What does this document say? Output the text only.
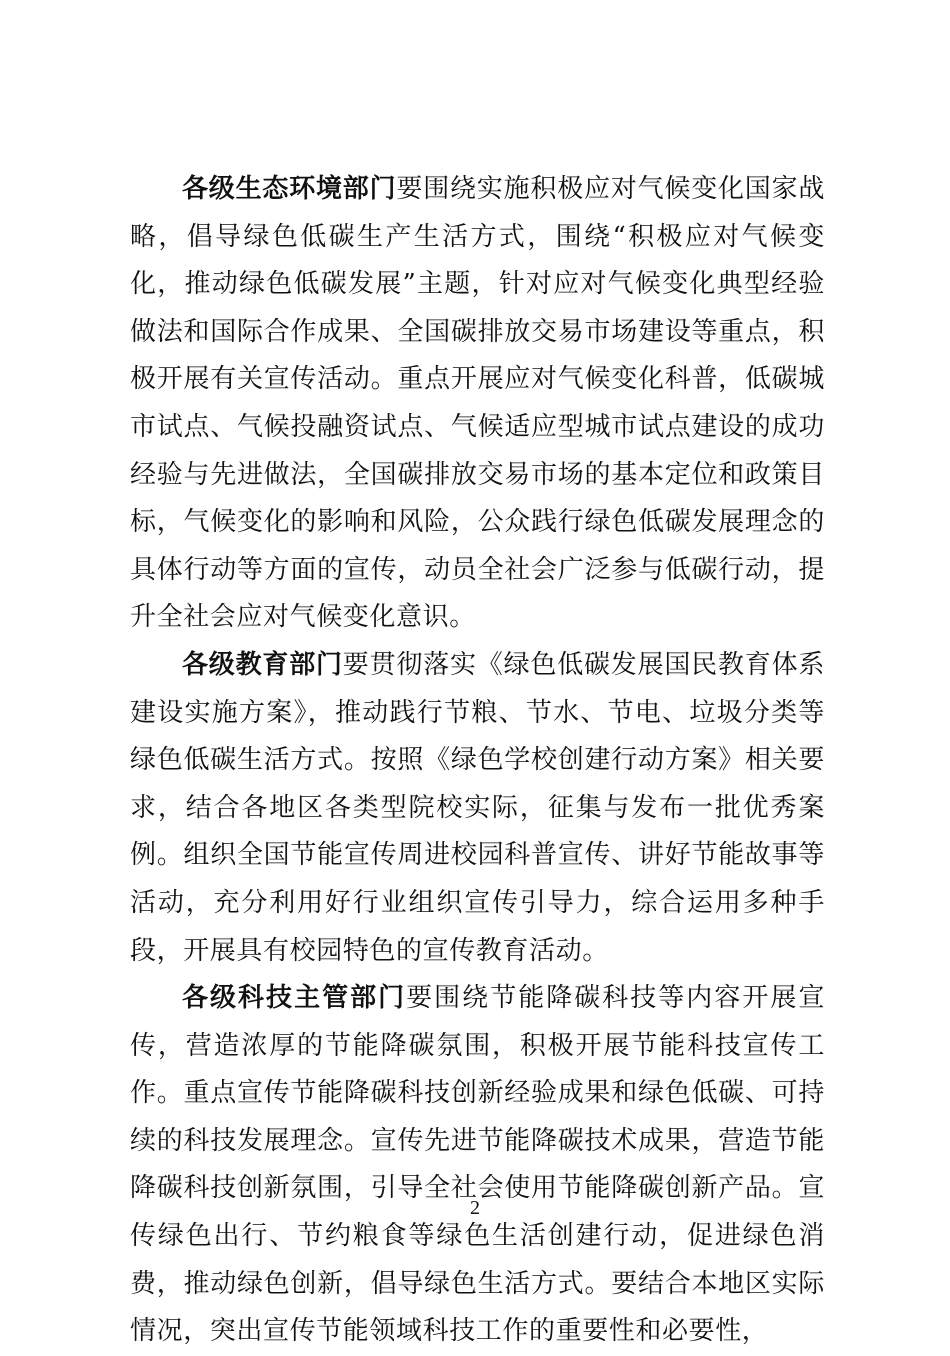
各级生态环境部门要围绕实施积极应对气候变化国家战略，倡导绿色低碳生产生活方式，围绕“积极应对气候变化，推动绿色低碳发展”主题，针对应对气候变化典型经验做法和国际合作成果、全国碳排放交易市场建设等重点，积极开展有关宣传活动。重点开展应对气候变化科普，低碳城市试点、气候投融资试点、气候适应型城市试点建设的成功经验与先进做法，全国碳排放交易市场的基本定位和政策目标，气候变化的影响和风险，公众践行绿色低碳发展理念的具体行动等方面的宣传，动员全社会广泛参与低碳行动，提升全社会应对气候变化意识。

各级教育部门要贯彻落实《绿色低碳发展国民教育体系建设实施方案》，推动践行节粮、节水、节电、垃圾分类等绿色低碳生活方式。按照《绿色学校创建行动方案》相关要求，结合各地区各类型院校实际，征集与发布一批优秀案例。组织全国节能宣传周进校园科普宣传、讲好节能故事等活动，充分利用好行业组织宣传引导力，综合运用多种手段，开展具有校园特色的宣传教育活动。

各级科技主管部门要围绕节能降碳科技等内容开展宣传，营造浓厚的节能降碳氛围，积极开展节能科技宣传工作。重点宣传节能降碳科技创新经验成果和绿色低碳、可持续的科技发展理念。宣传先进节能降碳技术成果，营造节能降碳科技创新氛围，引导全社会使用节能降碳创新产品。宣传绿色出行、节约粮食等绿色生活创建行动，促进绿色消费，推动绿色创新，倡导绿色生活方式。要结合本地区实际情况，突出宣传节能领域科技工作的重要性和必要性，

2
